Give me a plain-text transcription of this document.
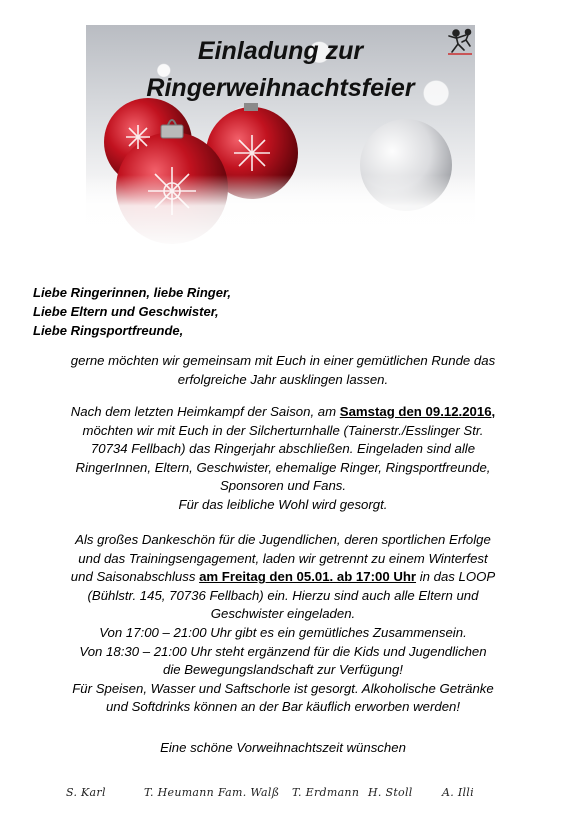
Einladung zur
Ringerweihnachtsfeier
Liebe Ringerinnen, liebe Ringer,
Liebe Eltern und Geschwister,
Liebe Ringsportfreunde,
gerne möchten wir gemeinsam mit Euch in einer gemütlichen Runde das
erfolgreiche Jahr ausklingen lassen.
Nach dem letzten Heimkampf der Saison, am Samstag den 09.12.2016,
möchten wir mit Euch in der Silcherturnhalle (Tainerstr./Esslinger Str.
70734 Fellbach) das Ringerjahr abschließen. Eingeladen sind alle
RingerInnen, Eltern, Geschwister, ehemalige Ringer, Ringsportfreunde,
Sponsoren und Fans.
Für das leibliche Wohl wird gesorgt.
Als großes Dankeschön für die Jugendlichen, deren sportlichen Erfolge
und das Trainingsengagement, laden wir getrennt zu einem Winterfest
und Saisonabschluss am Freitag den 05.01. ab 17:00 Uhr in das LOOP
(Bühlstr. 145, 70736 Fellbach) ein. Hierzu sind auch alle Eltern und
Geschwister eingeladen.
Von 17:00 – 21:00 Uhr gibt es ein gemütliches Zusammensein.
Von 18:30 – 21:00 Uhr steht ergänzend für die Kids und Jugendlichen
die Bewegungslandschaft zur Verfügung!
Für Speisen, Wasser und Saftschorle ist gesorgt. Alkoholische Getränke
und Softdrinks können an der Bar käuflich erworben werden!
Eine schöne Vorweihnachtszeit wünschen
S. Karl	T. Heumann Fam. Walß T. Erdmann H. Stoll	A. Illi
